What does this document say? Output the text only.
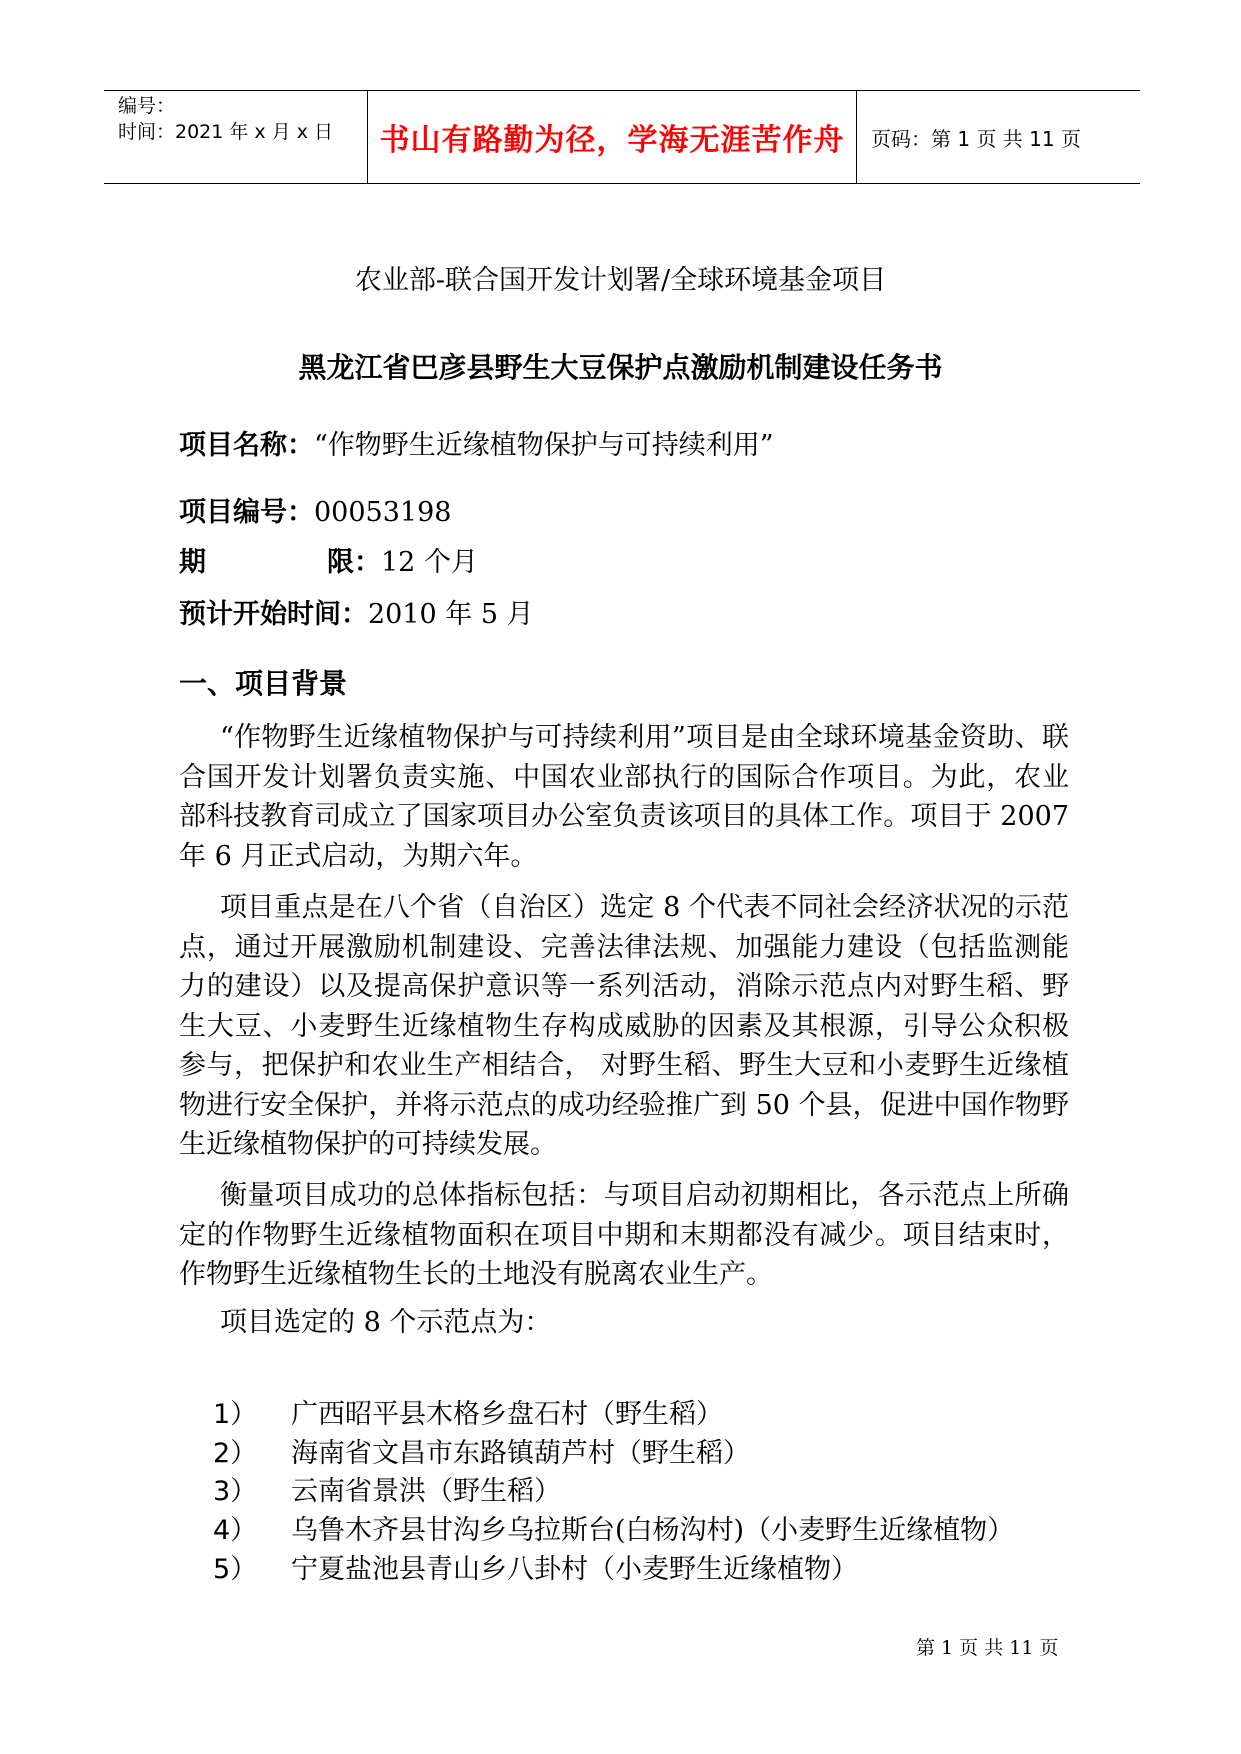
编号：
时间：2021 年 x 月 x 日	书山有路勤为径，学海无涯苦作舟 页码：第 1 页 共 11 页
农业部-联合国开发计划署/全球环境基金项目
黑龙江省巴彦县野生大豆保护点激励机制建设任务书
项目名称：“作物野生近缘植物保护与可持续利用”
项目编号：00053198
期	限：12 个月
预计开始时间：2010 年 5 月
一、项目背景

“作物野生近缘植物保护与可持续利用”项目是由全球环境基金资助、联合国开发计划署负责实施、中国农业部执行的国际合作项目。为此，农业部科技教育司成立了国家项目办公室负责该项目的具体工作。项目于 2007 年 6 月正式启动，为期六年。

项目重点是在八个省（自治区）选定 8 个代表不同社会经济状况的示范点，通过开展激励机制建设、完善法律法规、加强能力建设（包括监测能力的建设）以及提高保护意识等一系列活动，消除示范点内对野生稻、野生大豆、小麦野生近缘植物生存构成威胁的因素及其根源，引导公众积极参与，把保护和农业生产相结合， 对野生稻、野生大豆和小麦野生近缘植物进行安全保护，并将示范点的成功经验推广到 50 个县，促进中国作物野生近缘植物保护的可持续发展。

衡量项目成功的总体指标包括：与项目启动初期相比，各示范点上所确定的作物野生近缘植物面积在项目中期和末期都没有减少。项目结束时，作物野生近缘植物生长的土地没有脱离农业生产。

项目选定的 8 个示范点为：

1） 广西昭平县木格乡盘石村（野生稻）
2） 海南省文昌市东路镇葫芦村（野生稻）
3） 云南省景洪（野生稻）
4） 乌鲁木齐县甘沟乡乌拉斯台(白杨沟村)（小麦野生近缘植物）
5） 宁夏盐池县青山乡八卦村（小麦野生近缘植物）
第 1 页 共 11 页
